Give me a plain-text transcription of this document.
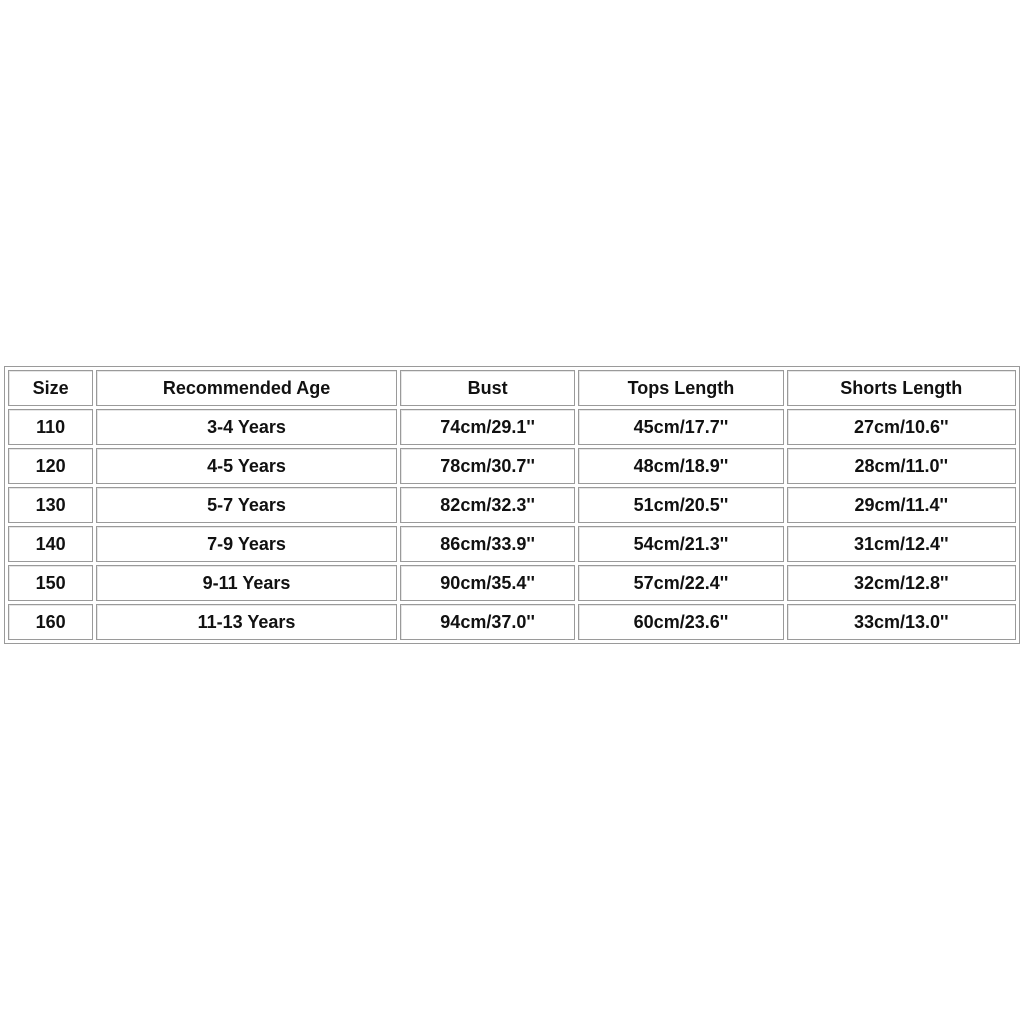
Size	Recommended Age	Bust	Tops Length	Shorts Length
110	3-4 Years	74cm/29.1''	45cm/17.7''	27cm/10.6''
120	4-5 Years	78cm/30.7''	48cm/18.9''	28cm/11.0''
130	5-7 Years	82cm/32.3''	51cm/20.5''	29cm/11.4''
140	7-9 Years	86cm/33.9''	54cm/21.3''	31cm/12.4''
150	9-11 Years	90cm/35.4''	57cm/22.4''	32cm/12.8''
160	11-13 Years	94cm/37.0''	60cm/23.6''	33cm/13.0''
